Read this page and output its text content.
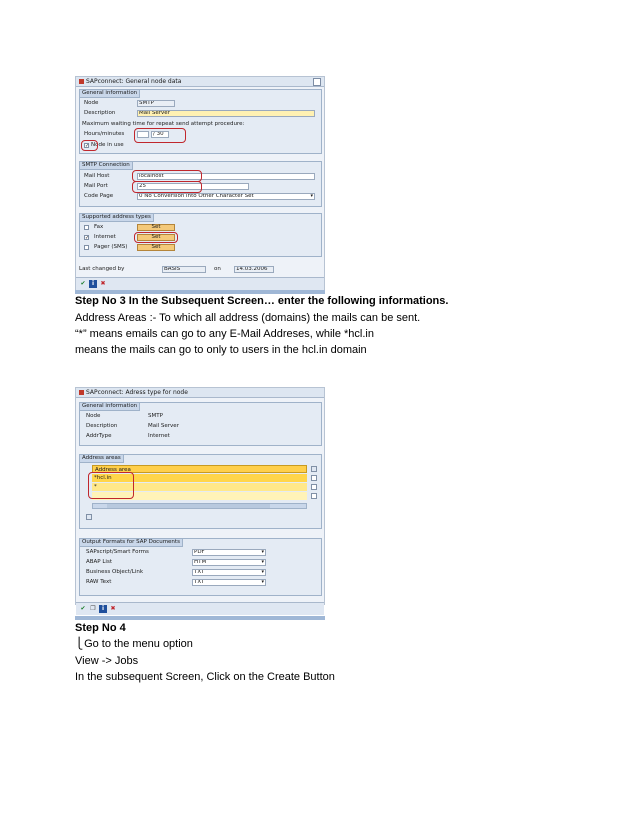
SAPconnect: General node data
General information
Node	SMTP
Description	Mail Server
Maximum waiting time for repeat send attempt procedure:
Hours/minutes	/ 30
✓ Node in use
SMTP Connection
Mail Host	localhost
Mail Port	25
Code Page	0 No Conversion into Other Character Set	▾
Supported address types
Fax	Set
✓ Internet	Set
Pager (SMS)	Set
Last changed by	BASIS	on	14.03.2006
✔	i	✖
Step No 3 In the Subsequent Screen… enter the following informations.
Address Areas :- To which all address (domains) the mails can be sent.
“*” means emails can go to any E-Mail Addreses, while *hcl.in
means the mails can go to only to users in the hcl.in domain
SAPconnect: Adress type for node
General information
Node	SMTP
Description	Mail Server
AddrType	Internet
Address areas
Address area
*hcl.in
*
Output Formats for SAP Documents
SAPscript/Smart Forms	PDF	▾
ABAP List	HTM	▾
Business Object/Link	TXT	▾
RAW Text	TXT	▾
✔ ❐	i	✖
Step No 4
⎩ Go to the menu option
View -> Jobs
In the subsequent Screen, Click on the Create Button
